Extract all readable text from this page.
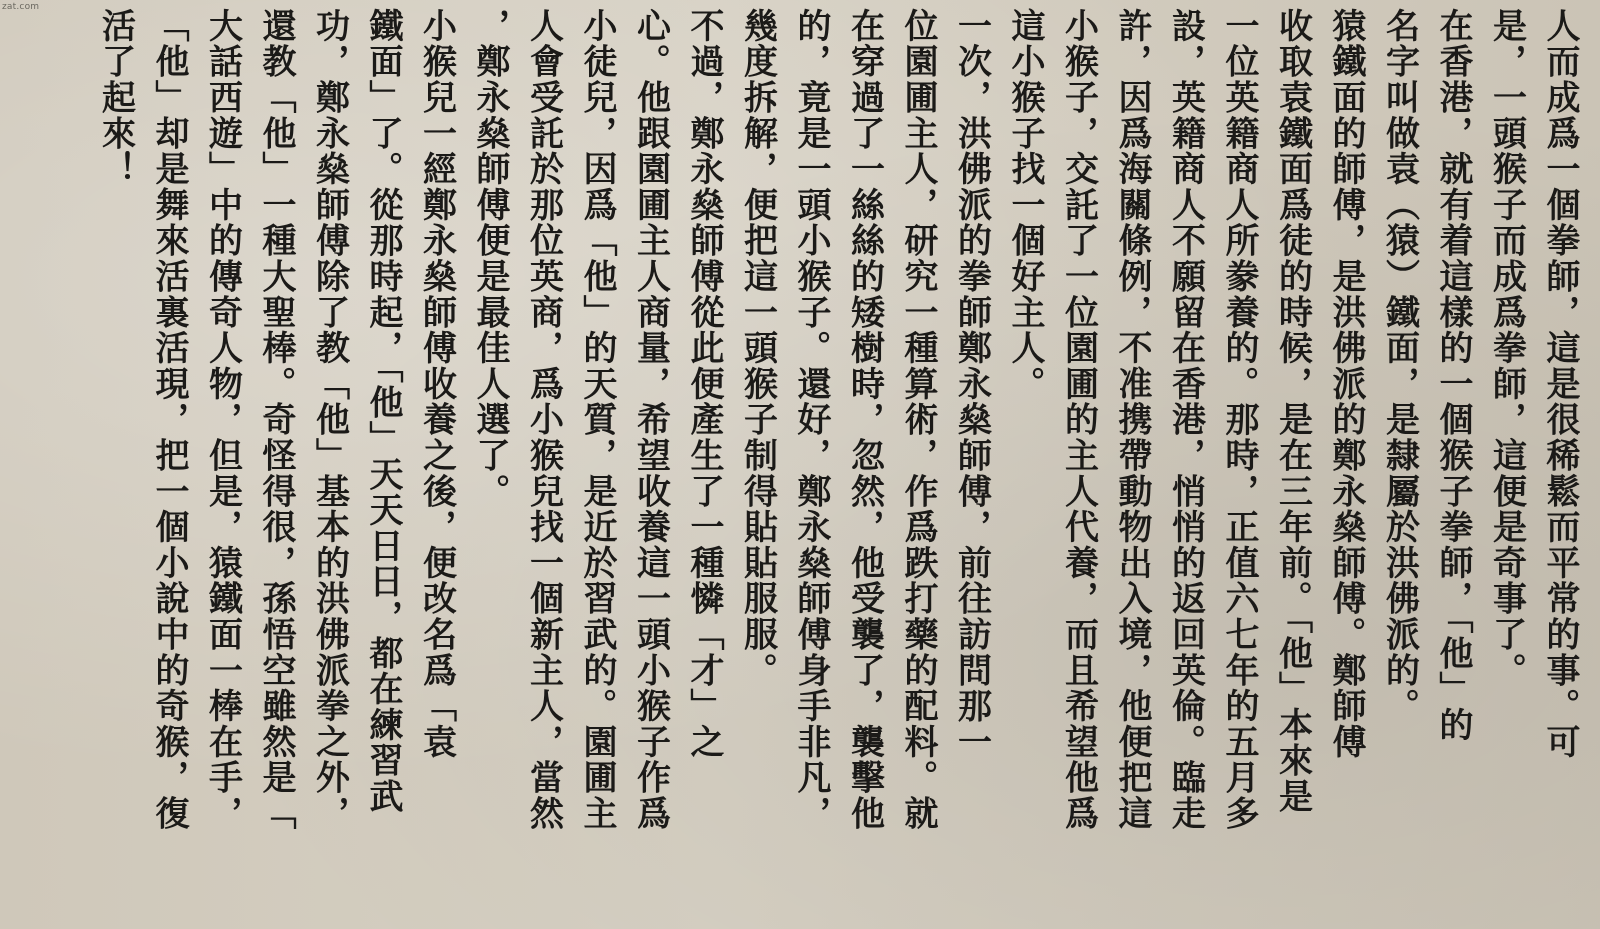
zat.com
人而成爲一個拳師，這是很稀鬆而平常的事。可
是，一頭猴子而成爲拳師，這便是奇事了。
在香港，就有着這樣的一個猴子拳師，「他」的
名字叫做袁（猿）鐵面，是隸屬於洪佛派的。
猿鐵面的師傅，是洪佛派的鄭永燊師傅。鄭師傅
收取袁鐵面爲徒的時候，是在三年前。「他」本來是
一位英籍商人所豢養的。那時，正值六七年的五月多
設，英籍商人不願留在香港，悄悄的返回英倫。臨走
許，因爲海關條例，不准携帶動物出入境，他便把這
小猴子，交託了一位園圃的主人代養，而且希望他爲
這小猴子找一個好主人。
一次，洪佛派的拳師鄭永燊師傅，前往訪問那一
位園圃主人，研究一種算術，作爲跌打藥的配料。就
在穿過了一絲絲的矮樹時，忽然，他受襲了，襲擊他
的，竟是一頭小猴子。還好，鄭永燊師傅身手非凡，
幾度拆解，便把這一頭猴子制得貼貼服服。
不過，鄭永燊師傅從此便產生了一種憐「才」之
心。他跟園圃主人商量，希望收養這一頭小猴子作爲
小徒兒，因爲「他」的天質，是近於習武的。園圃主
人會受託於那位英商，爲小猴兒找一個新主人，當然
，鄭永燊師傅便是最佳人選了。
小猴兒一經鄭永燊師傅收養之後，便改名爲「袁
鐵面」了。從那時起，「他」天天日日，都在練習武
功，鄭永燊師傅除了教「他」基本的洪佛派拳之外，
還教「他」一種大聖棒。奇怪得很，孫悟空雖然是「
大話西遊」中的傳奇人物，但是，猿鐵面一棒在手，
「他」却是舞來活裏活現，把一個小說中的奇猴，復
活了起來！
